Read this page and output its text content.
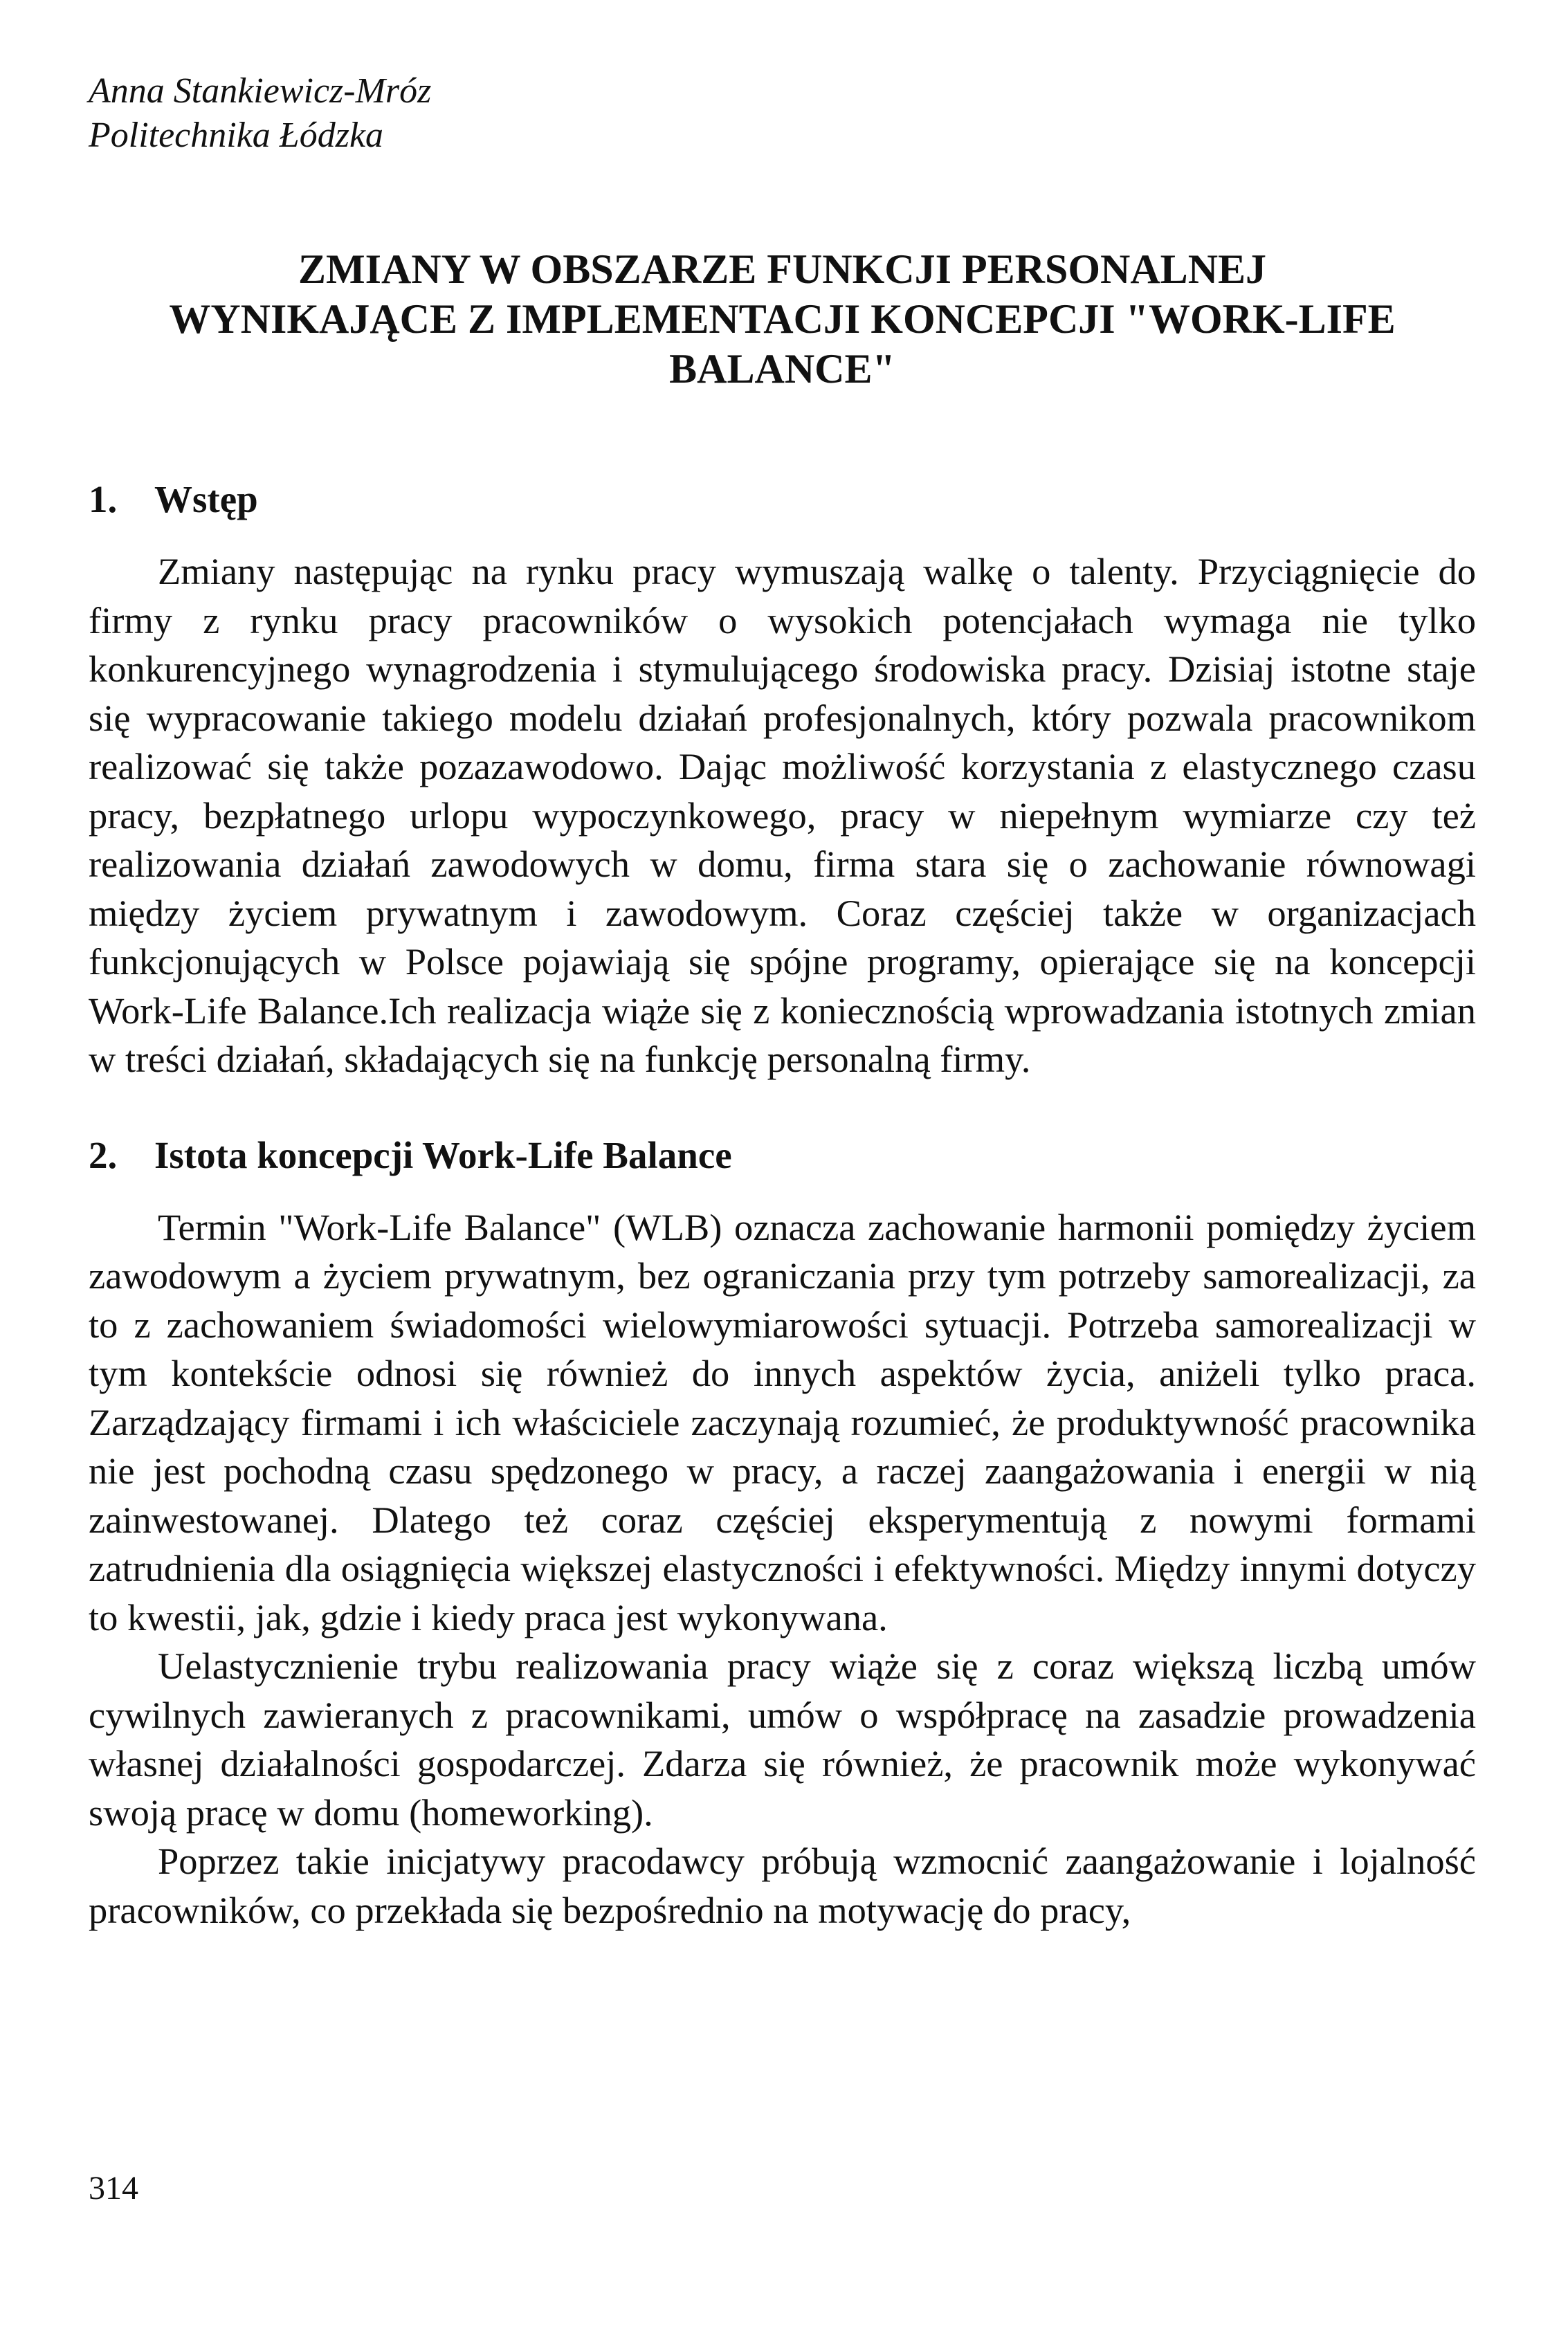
Anna Stankiewicz-Mróz
Politechnika Łódzka
ZMIANY W OBSZARZE FUNKCJI PERSONALNEJ WYNIKAJĄCE Z IMPLEMENTACJI KONCEPCJI "WORK-LIFE BALANCE"
1. Wstęp

Zmiany następując na rynku pracy wymuszają walkę o talenty. Przyciągnięcie do firmy z rynku pracy pracowników o wysokich potencjałach wymaga nie tylko konkurencyjnego wynagrodzenia i stymulującego środowiska pracy. Dzisiaj istotne staje się wypracowanie takiego modelu działań profesjonalnych, który pozwala pracownikom realizować się także pozazawodowo. Dając możliwość korzystania z elastycznego czasu pracy, bezpłatnego urlopu wypoczynkowego, pracy w niepełnym wymiarze czy też realizowania działań zawodowych w domu, firma stara się o zachowanie równowagi między życiem prywatnym i zawodowym. Coraz częściej także w organizacjach funkcjonujących w Polsce pojawiają się spójne programy, opierające się na koncepcji Work-Life Balance.Ich realizacja wiąże się z koniecznością wprowadzania istotnych zmian w treści działań, składających się na funkcję personalną firmy.

2. Istota koncepcji Work-Life Balance

Termin "Work-Life Balance" (WLB) oznacza zachowanie harmonii pomiędzy życiem zawodowym a życiem prywatnym, bez ograniczania przy tym potrzeby samorealizacji, za to z zachowaniem świadomości wielowymiarowości sytuacji. Potrzeba samorealizacji w tym kontekście odnosi się również do innych aspektów życia, aniżeli tylko praca. Zarządzający firmami i ich właściciele zaczynają rozumieć, że produktywność pracownika nie jest pochodną czasu spędzonego w pracy, a raczej zaangażowania i energii w nią zainwestowanej. Dlatego też coraz częściej eksperymentują z nowymi formami zatrudnienia dla osiągnięcia większej elastyczności i efektywności. Między innymi dotyczy to kwestii, jak, gdzie i kiedy praca jest wykonywana.

Uelastycznienie trybu realizowania pracy wiąże się z coraz większą liczbą umów cywilnych zawieranych z pracownikami, umów o współpracę na zasadzie prowadzenia własnej działalności gospodarczej. Zdarza się również, że pracownik może wykonywać swoją pracę w domu (homeworking).

Poprzez takie inicjatywy pracodawcy próbują wzmocnić zaangażowanie i lojalność pracowników, co przekłada się bezpośrednio na motywację do pracy,

314
